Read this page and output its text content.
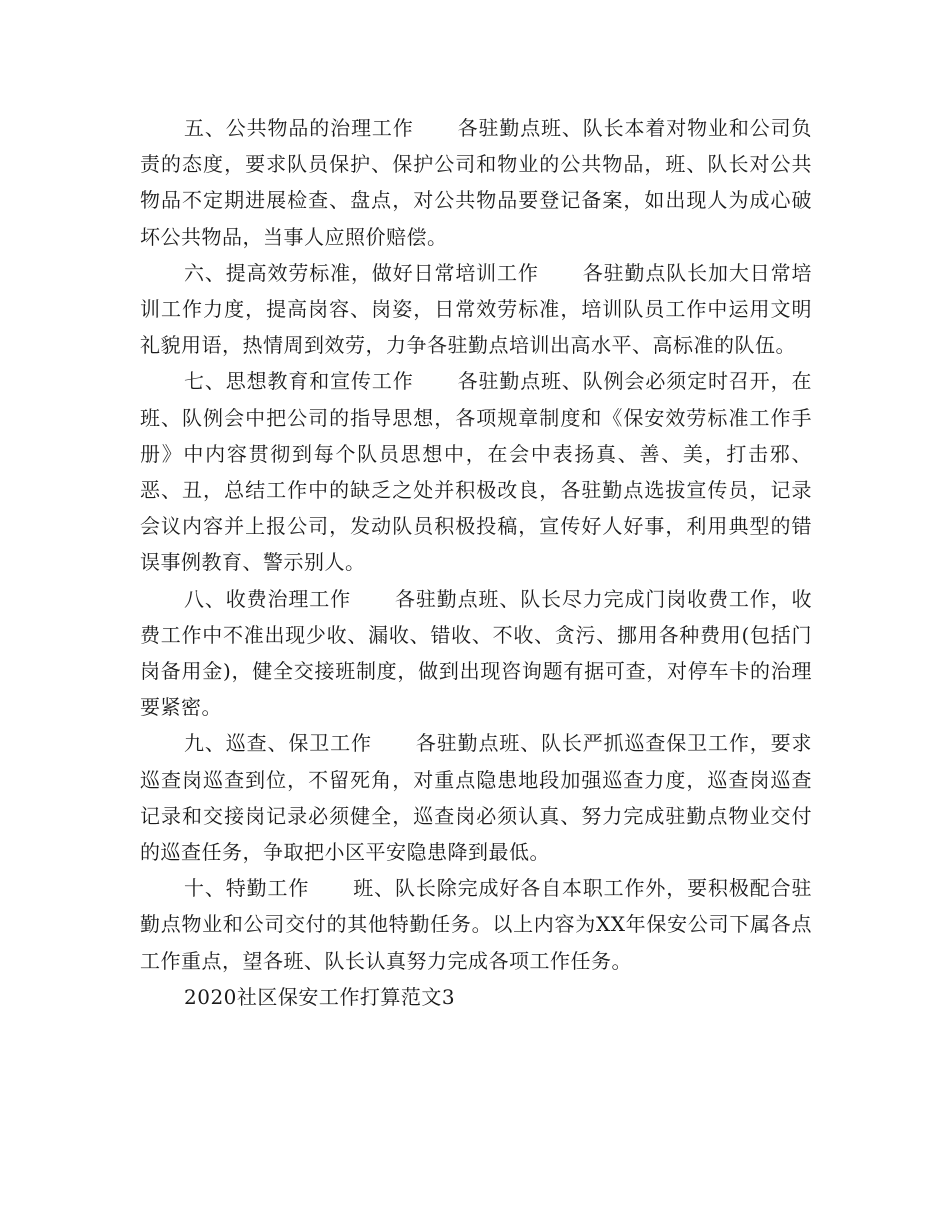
五、公共物品的治理工作 各驻勤点班、队长本着对物业和公司负责的态度，要求队员保护、保护公司和物业的公共物品，班、队长对公共物品不定期进展检查、盘点，对公共物品要登记备案，如出现人为成心破坏公共物品，当事人应照价赔偿。

六、提高效劳标准，做好日常培训工作 各驻勤点队长加大日常培训工作力度，提高岗容、岗姿，日常效劳标准，培训队员工作中运用文明礼貌用语，热情周到效劳，力争各驻勤点培训出高水平、高标准的队伍。

七、思想教育和宣传工作 各驻勤点班、队例会必须定时召开，在班、队例会中把公司的指导思想，各项规章制度和《保安效劳标准工作手册》中内容贯彻到每个队员思想中，在会中表扬真、善、美，打击邪、恶、丑，总结工作中的缺乏之处并积极改良，各驻勤点选拔宣传员，记录会议内容并上报公司，发动队员积极投稿，宣传好人好事，利用典型的错误事例教育、警示别人。

八、收费治理工作 各驻勤点班、队长尽力完成门岗收费工作，收费工作中不准出现少收、漏收、错收、不收、贪污、挪用各种费用(包括门岗备用金)，健全交接班制度，做到出现咨询题有据可查，对停车卡的治理要紧密。

九、巡查、保卫工作 各驻勤点班、队长严抓巡查保卫工作，要求巡查岗巡查到位，不留死角，对重点隐患地段加强巡查力度，巡查岗巡查记录和交接岗记录必须健全，巡查岗必须认真、努力完成驻勤点物业交付的巡查任务，争取把小区平安隐患降到最低。

十、特勤工作 班、队长除完成好各自本职工作外，要积极配合驻勤点物业和公司交付的其他特勤任务。以上内容为XX年保安公司下属各点工作重点，望各班、队长认真努力完成各项工作任务。

2020社区保安工作打算范文3
